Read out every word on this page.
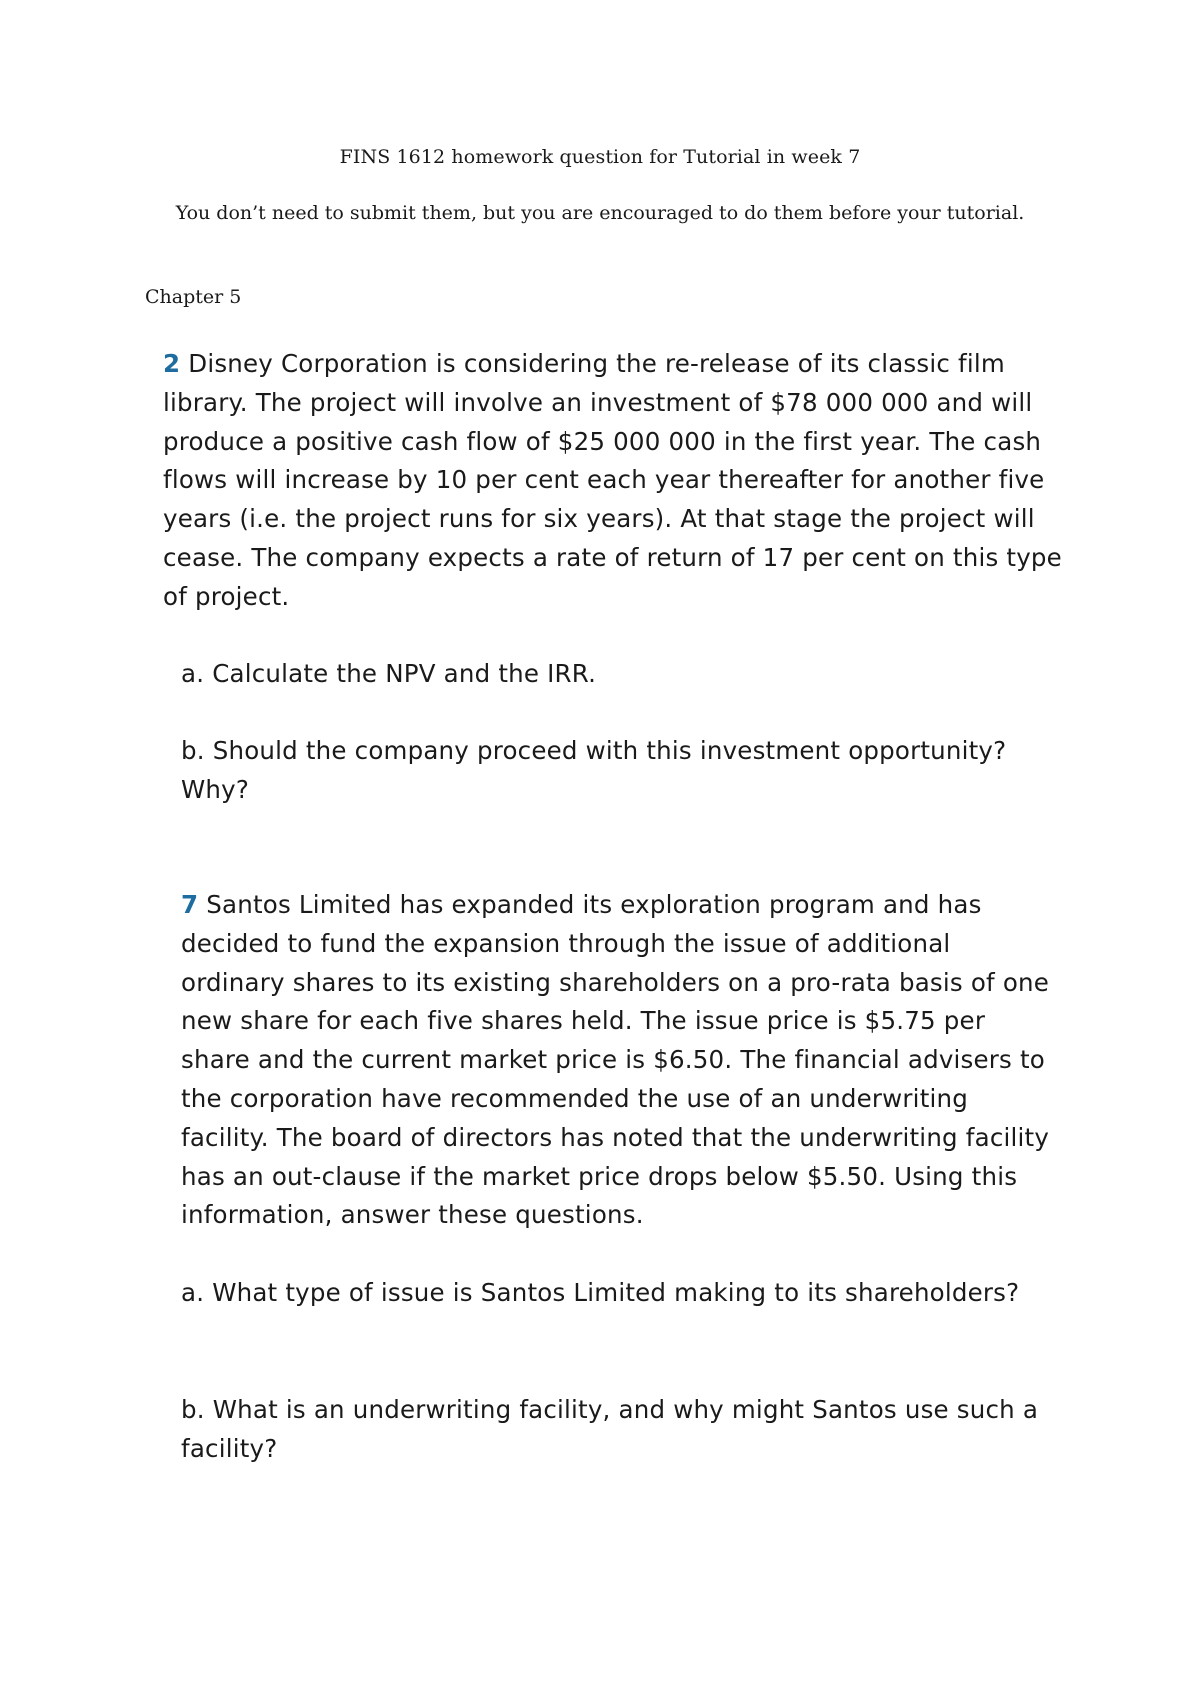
FINS 1612 homework question for Tutorial in week 7
You don’t need to submit them, but you are encouraged to do them before your tutorial.
Chapter 5
2 Disney Corporation is considering the re-release of its classic film library. The project will involve an investment of $78 000 000 and will produce a positive cash flow of $25 000 000 in the first year. The cash flows will increase by 10 per cent each year thereafter for another five years (i.e. the project runs for six years). At that stage the project will cease. The company expects a rate of return of 17 per cent on this type of project.
a. Calculate the NPV and the IRR.
b. Should the company proceed with this investment opportunity? Why?
7 Santos Limited has expanded its exploration program and has decided to fund the expansion through the issue of additional ordinary shares to its existing shareholders on a pro-rata basis of one new share for each five shares held. The issue price is $5.75 per share and the current market price is $6.50. The financial advisers to the corporation have recommended the use of an underwriting facility. The board of directors has noted that the underwriting facility has an out-clause if the market price drops below $5.50. Using this information, answer these questions.
a. What type of issue is Santos Limited making to its shareholders?
b. What is an underwriting facility, and why might Santos use such a facility?
